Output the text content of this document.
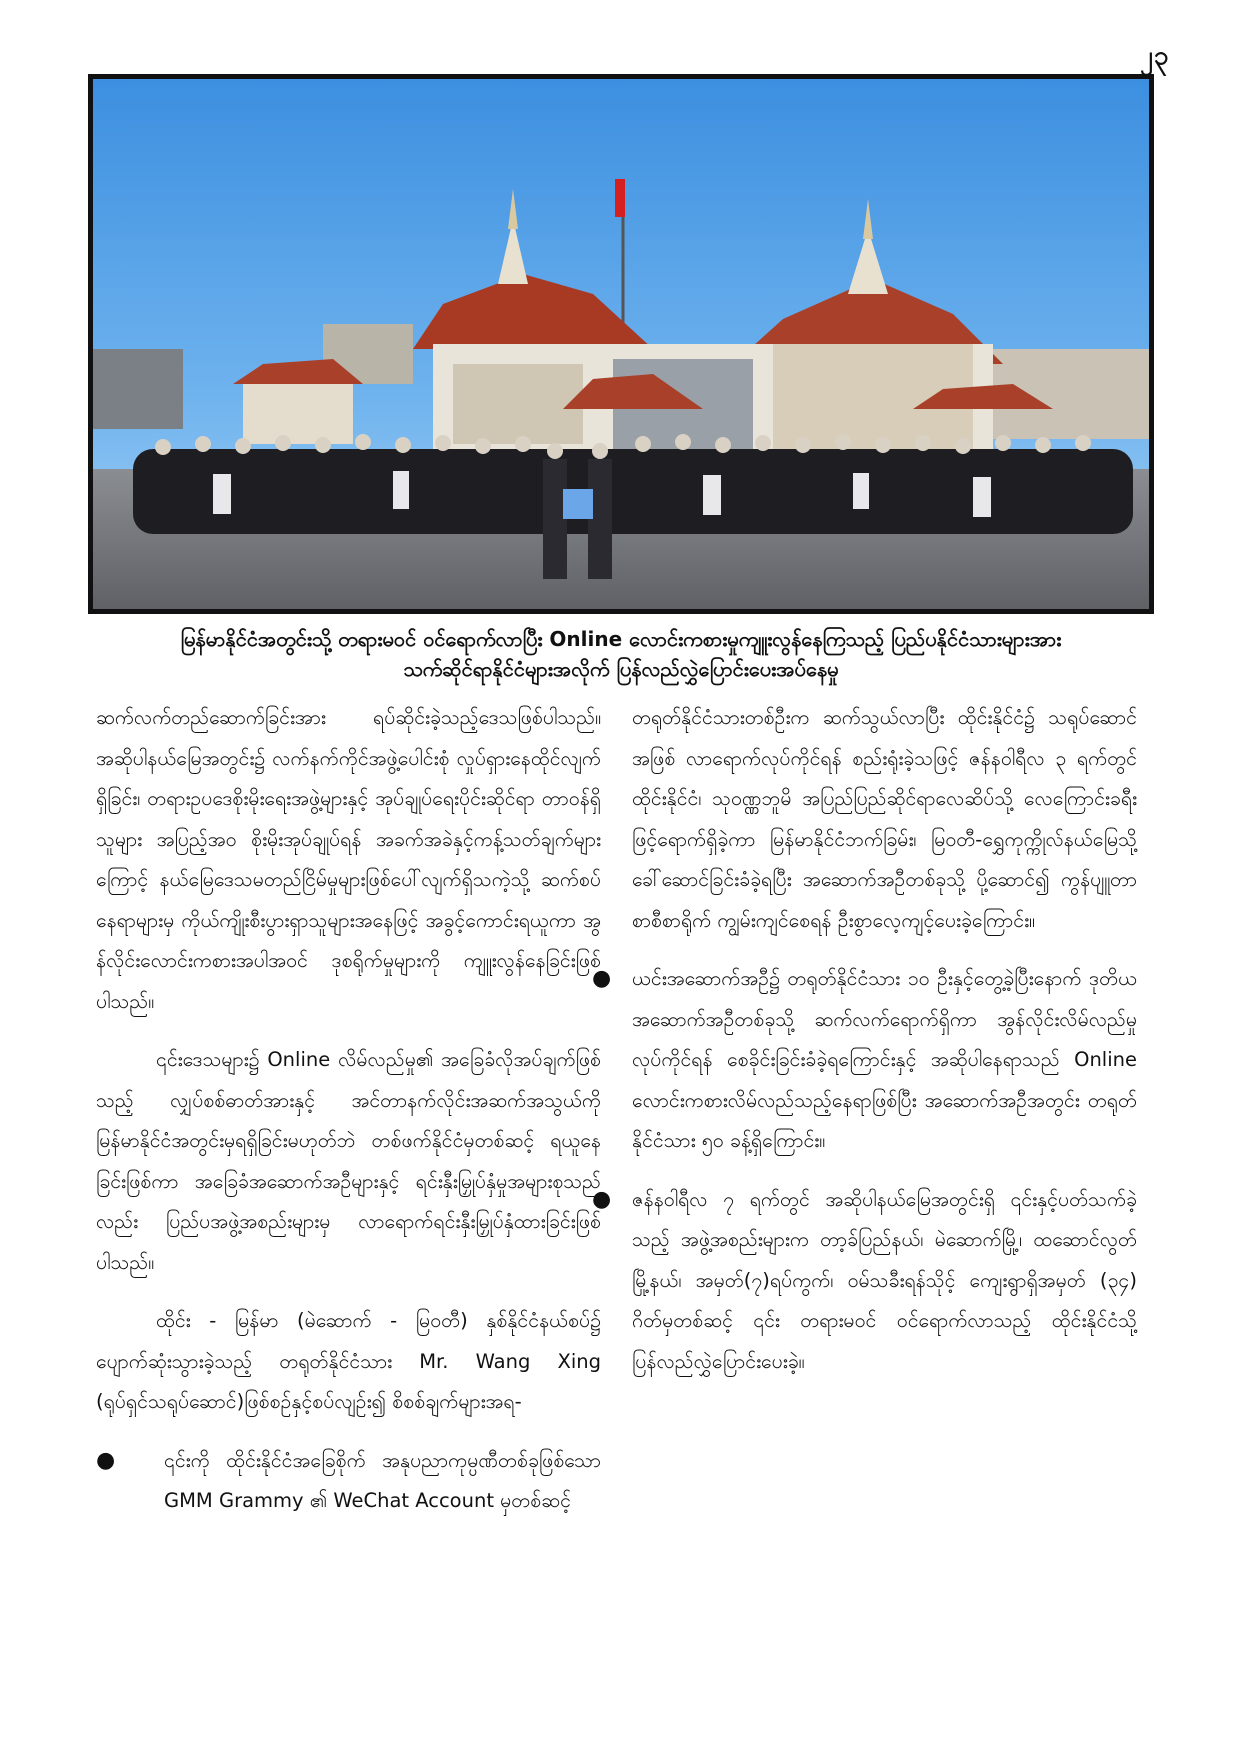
၂၃
မြန်မာနိုင်ငံအတွင်းသို့ တရားမဝင် ဝင်ရောက်လာပြီး Online လောင်းကစားမှုကျူးလွန်နေကြသည့် ပြည်ပနိုင်ငံသားများအား
သက်ဆိုင်ရာနိုင်ငံများအလိုက် ပြန်လည်လွှဲပြောင်းပေးအပ်နေမှု

ဆက်လက်တည်ဆောက်ခြင်းအား ရပ်ဆိုင်းခဲ့သည့်ဒေသဖြစ်ပါသည်။ အဆိုပါနယ်မြေအတွင်း၌ လက်နက်ကိုင်အဖွဲ့ပေါင်းစုံ လှုပ်ရှားနေထိုင်လျက်ရှိခြင်း၊ တရားဥပဒေစိုးမိုးရေးအဖွဲ့များနှင့် အုပ်ချုပ်ရေးပိုင်းဆိုင်ရာ တာဝန်ရှိသူများ အပြည့်အဝ စိုးမိုးအုပ်ချုပ်ရန် အခက်အခဲနှင့်ကန့်သတ်ချက်များကြောင့် နယ်မြေဒေသမတည်ငြိမ်မှုများဖြစ်ပေါ်လျက်ရှိသကဲ့သို့ ဆက်စပ်နေရာများမှ ကိုယ်ကျိုးစီးပွားရှာသူများအနေဖြင့် အခွင့်ကောင်းရယူကာ အွန်လိုင်းလောင်းကစားအပါအဝင် ဒုစရိုက်မှုများကို ကျူးလွန်နေခြင်းဖြစ်ပါသည်။

၎င်းဒေသများ၌ Online လိမ်လည်မှု၏ အခြေခံလိုအပ်ချက်ဖြစ်သည့် လျှပ်စစ်ဓာတ်အားနှင့် အင်တာနက်လိုင်းအဆက်အသွယ်ကို မြန်မာနိုင်ငံအတွင်းမှရရှိခြင်းမဟုတ်ဘဲ တစ်ဖက်နိုင်ငံမှတစ်ဆင့် ရယူနေခြင်းဖြစ်ကာ အခြေခံအဆောက်အဦများနှင့် ရင်းနှီးမြှုပ်နှံမှုအများစုသည်လည်း ပြည်ပအဖွဲ့အစည်းများမှ လာရောက်ရင်းနှီးမြှုပ်နှံထားခြင်းဖြစ်ပါသည်။

ထိုင်း - မြန်မာ (မဲဆောက် - မြဝတီ) နှစ်နိုင်ငံနယ်စပ်၌ ပျောက်ဆုံးသွားခဲ့သည့် တရုတ်နိုင်ငံသား Mr. Wang Xing (ရုပ်ရှင်သရုပ်ဆောင်)ဖြစ်စဉ်နှင့်စပ်လျဉ်း၍ စိစစ်ချက်များအရ-

●	၎င်းကို ထိုင်းနိုင်ငံအခြေစိုက် အနုပညာကုမ္ပဏီတစ်ခုဖြစ်သော GMM Grammy ၏ WeChat Account မှတစ်ဆင့်

တရုတ်နိုင်ငံသားတစ်ဦးက ဆက်သွယ်လာပြီး ထိုင်းနိုင်ငံ၌ သရုပ်ဆောင်အဖြစ် လာရောက်လုပ်ကိုင်ရန် စည်းရုံးခဲ့သဖြင့် ဇန်နဝါရီလ ၃ ရက်တွင် ထိုင်းနိုင်ငံ၊ သုဝဏ္ဏဘူမိ အပြည်ပြည်ဆိုင်ရာလေဆိပ်သို့ လေကြောင်းခရီးဖြင့်ရောက်ရှိခဲ့ကာ မြန်မာနိုင်ငံဘက်ခြမ်း၊ မြဝတီ-ရွှေကုက္ကိုလ်နယ်မြေသို့ ခေါ်ဆောင်ခြင်းခံခဲ့ရပြီး အဆောက်အဦတစ်ခုသို့ ပို့ဆောင်၍ ကွန်ပျူတာစာစီစာရိုက် ကျွမ်းကျင်စေရန် ဦးစွာလေ့ကျင့်ပေးခဲ့ကြောင်း။

● ယင်းအဆောက်အဦ၌ တရုတ်နိုင်ငံသား ၁၀ ဦးနှင့်တွေ့ခဲ့ပြီးနောက် ဒုတိယအဆောက်အဦတစ်ခုသို့ ဆက်လက်ရောက်ရှိကာ အွန်လိုင်းလိမ်လည်မှုလုပ်ကိုင်ရန် စေခိုင်းခြင်းခံခဲ့ရကြောင်းနှင့် အဆိုပါနေရာသည် Online လောင်းကစားလိမ်လည်သည့်နေရာဖြစ်ပြီး အဆောက်အဦအတွင်း တရုတ်နိုင်ငံသား ၅၀ ခန့်ရှိကြောင်း။
● ဇန်နဝါရီလ ၇ ရက်တွင် အဆိုပါနယ်မြေအတွင်းရှိ ၎င်းနှင့်ပတ်သက်ခဲ့သည့် အဖွဲ့အစည်းများက တာ့ခ်ပြည်နယ်၊ မဲဆောက်မြို့၊ ထဆောင်လွတ်မြို့နယ်၊ အမှတ်(၇)ရပ်ကွက်၊ ဝမ်သခီးရန်သိုင့် ကျေးရွာရှိအမှတ် (၃၄) ဂိတ်မှတစ်ဆင့် ၎င်း တရားမဝင် ဝင်ရောက်လာသည့် ထိုင်းနိုင်ငံသို့ ပြန်လည်လွှဲပြောင်းပေးခဲ့။
